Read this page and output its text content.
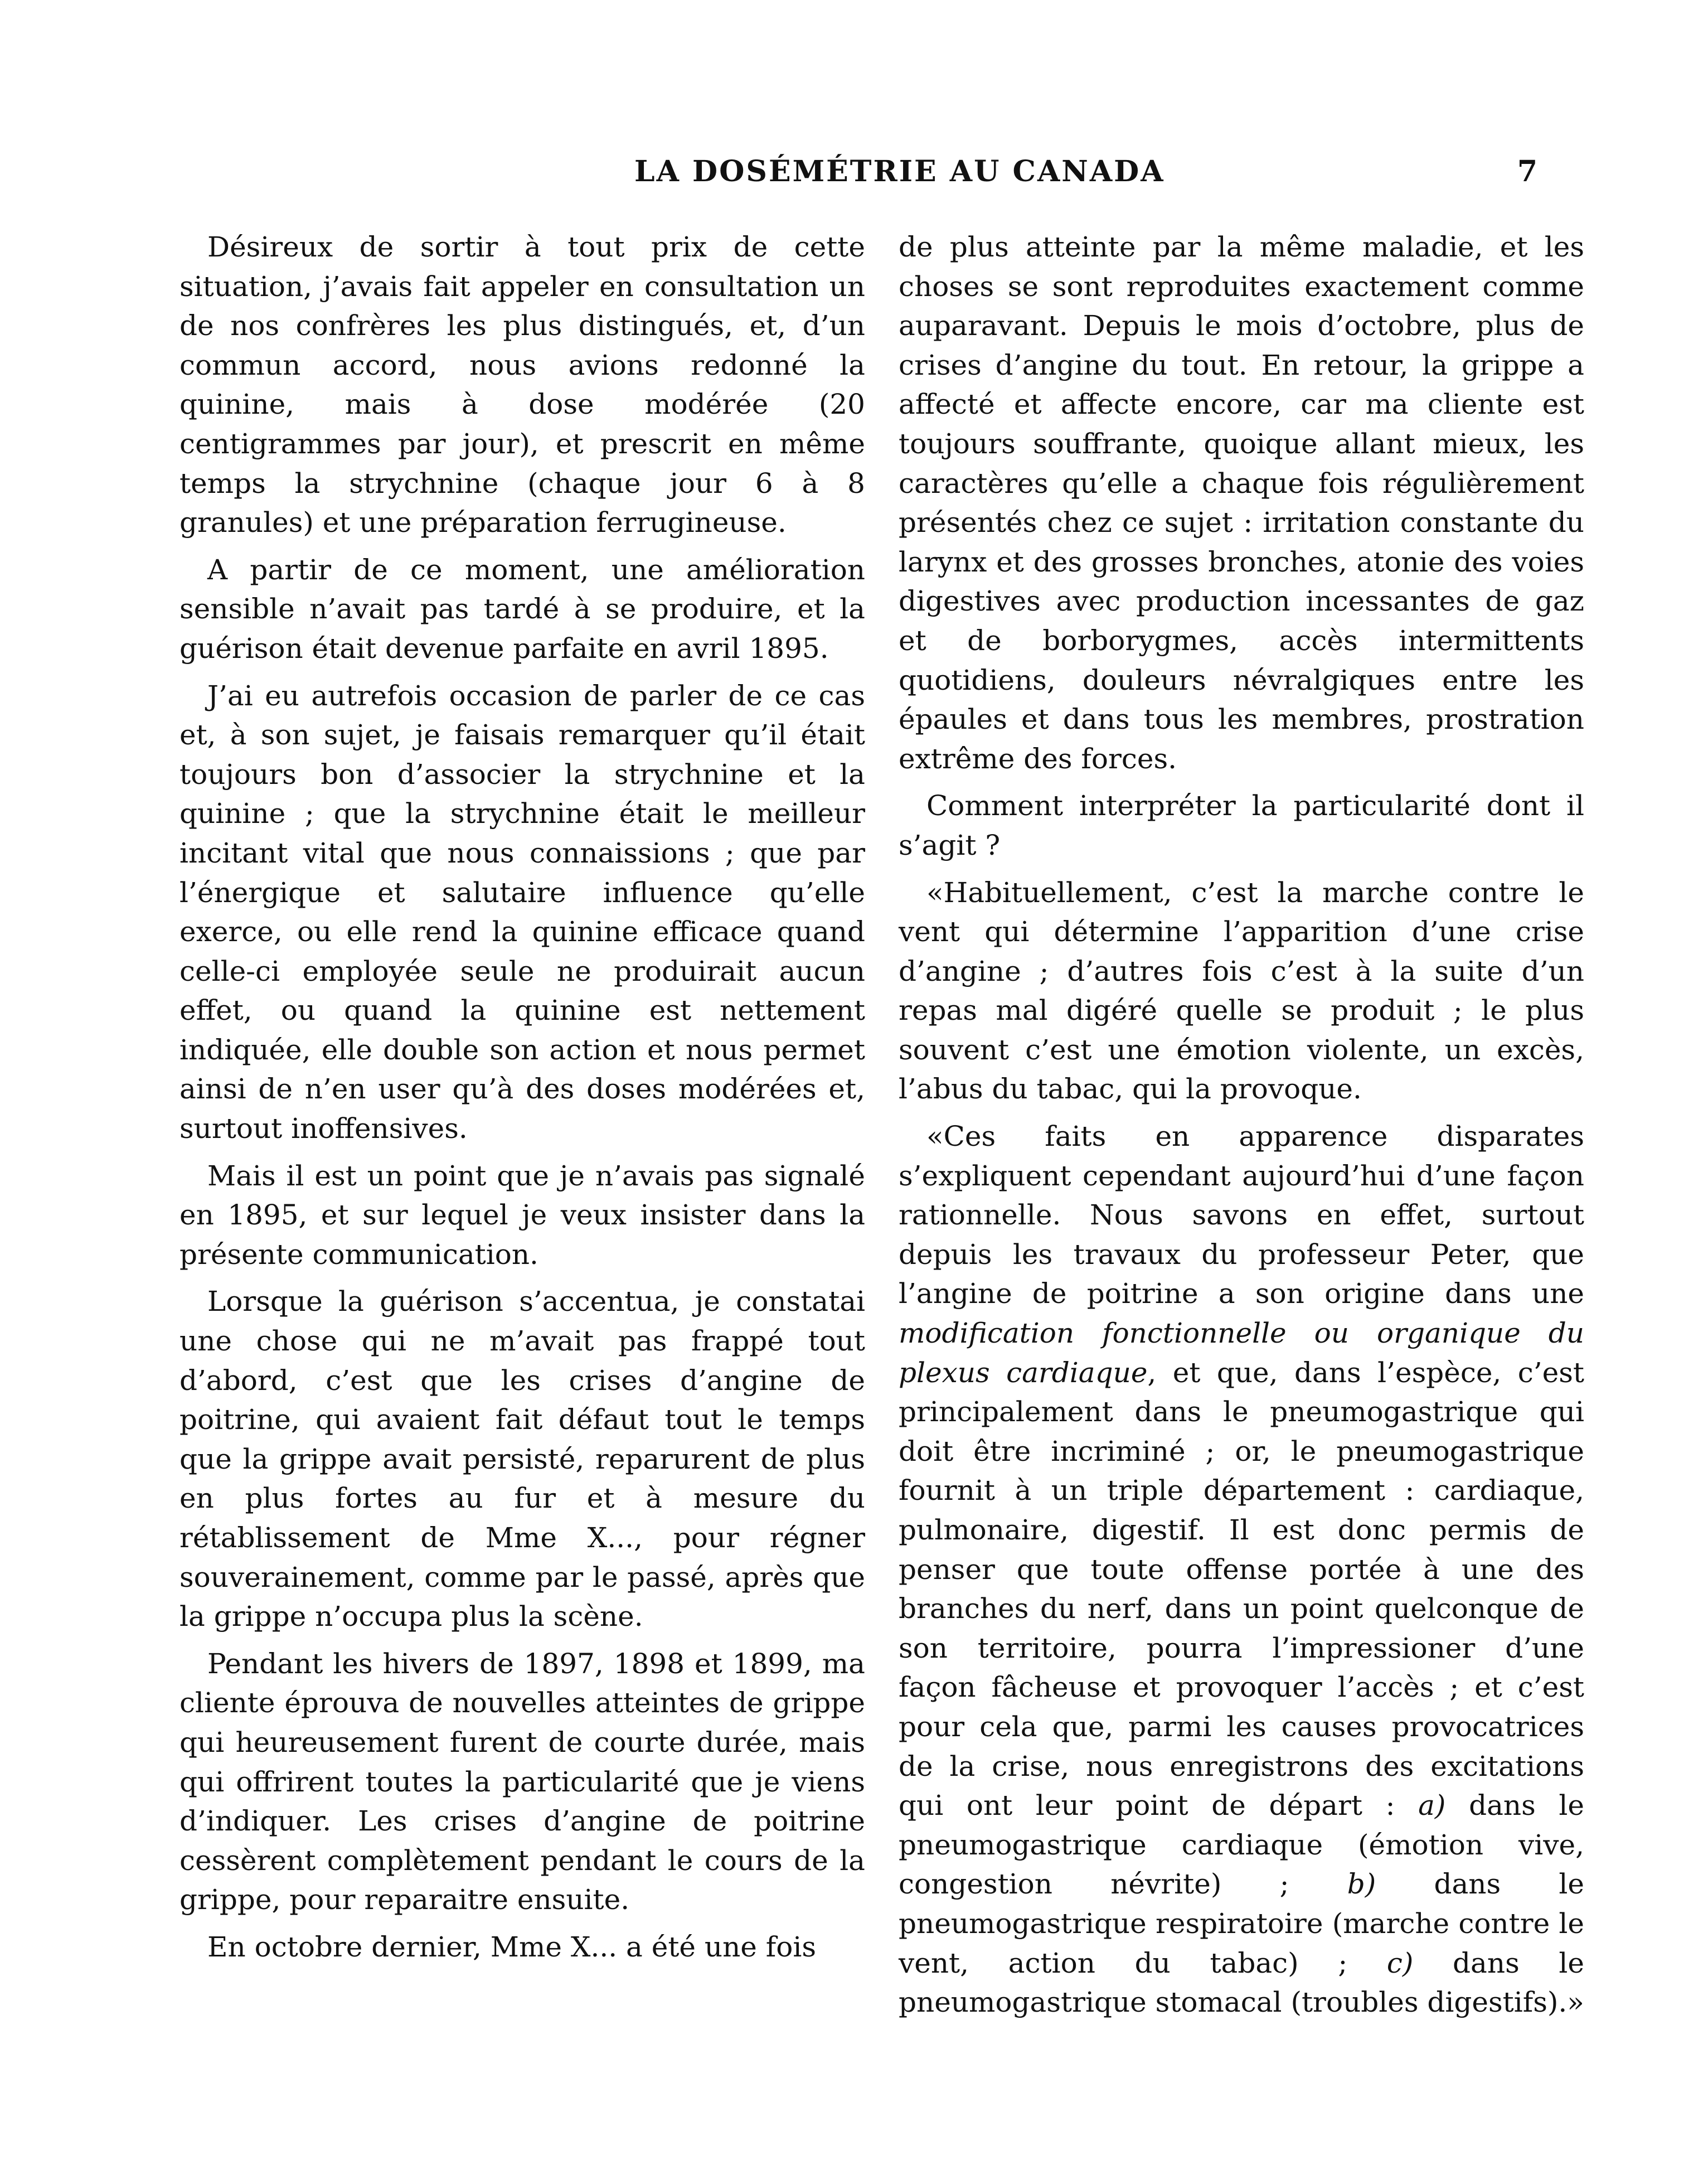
LA DOSÉMÉTRIE AU CANADA	7

Désireux de sortir à tout prix de cette situation, j’avais fait appeler en consultation un de nos confrères les plus distingués, et, d’un commun accord, nous avions redonné la quinine, mais à dose modérée (20 centigrammes par jour), et prescrit en même temps la strychnine (chaque jour 6 à 8 granules) et une préparation ferrugineuse.

A partir de ce moment, une amélioration sensible n’avait pas tardé à se produire, et la guérison était devenue parfaite en avril 1895.

J’ai eu autrefois occasion de parler de ce cas et, à son sujet, je faisais remarquer qu’il était toujours bon d’associer la strychnine et la quinine ; que la strychnine était le meilleur incitant vital que nous connaissions ; que par l’énergique et salutaire influence qu’elle exerce, ou elle rend la quinine efficace quand celle-ci employée seule ne produirait aucun effet, ou quand la quinine est nettement indiquée, elle double son action et nous permet ainsi de n’en user qu’à des doses modérées et, surtout inoffensives.

Mais il est un point que je n’avais pas signalé en 1895, et sur lequel je veux insister dans la présente communication.

Lorsque la guérison s’accentua, je constatai une chose qui ne m’avait pas frappé tout d’abord, c’est que les crises d’angine de poitrine, qui avaient fait défaut tout le temps que la grippe avait persisté, reparurent de plus en plus fortes au fur et à mesure du rétablissement de Mme X..., pour régner souverainement, comme par le passé, après que la grippe n’occupa plus la scène.

Pendant les hivers de 1897, 1898 et 1899, ma cliente éprouva de nouvelles atteintes de grippe qui heureusement furent de courte durée, mais qui offrirent toutes la particularité que je viens d’indiquer. Les crises d’angine de poitrine cessèrent complètement pendant le cours de la grippe, pour reparaitre ensuite.

En octobre dernier, Mme X... a été une fois

de plus atteinte par la même maladie, et les choses se sont reproduites exactement comme auparavant. Depuis le mois d’octobre, plus de crises d’angine du tout. En retour, la grippe a affecté et affecte encore, car ma cliente est toujours souffrante, quoique allant mieux, les caractères qu’elle a chaque fois régulièrement présentés chez ce sujet : irritation constante du larynx et des grosses bronches, atonie des voies digestives avec production incessantes de gaz et de borborygmes, accès intermittents quotidiens, douleurs névralgiques entre les épaules et dans tous les membres, prostration extrême des forces.

Comment interpréter la particularité dont il s’agit ?

«Habituellement, c’est la marche contre le vent qui détermine l’apparition d’une crise d’angine ; d’autres fois c’est à la suite d’un repas mal digéré quelle se produit ; le plus souvent c’est une émotion violente, un excès, l’abus du tabac, qui la provoque.

«Ces faits en apparence disparates s’expliquent cependant aujourd’hui d’une façon rationnelle. Nous savons en effet, surtout depuis les travaux du professeur Peter, que l’angine de poitrine a son origine dans une modification fonctionnelle ou organique du plexus cardiaque, et que, dans l’espèce, c’est principalement dans le pneumogastrique qui doit être incriminé ; or, le pneumogastrique fournit à un triple département : cardiaque, pulmonaire, digestif. Il est donc permis de penser que toute offense portée à une des branches du nerf, dans un point quelconque de son territoire, pourra l’impressioner d’une façon fâcheuse et provoquer l’accès ; et c’est pour cela que, parmi les causes provocatrices de la crise, nous enregistrons des excitations qui ont leur point de départ : a) dans le pneumogastrique cardiaque (émotion vive, congestion névrite) ; b) dans le pneumogastrique respiratoire (marche contre le vent, action du tabac) ; c) dans le pneumogastrique stomacal (troubles digestifs).»
